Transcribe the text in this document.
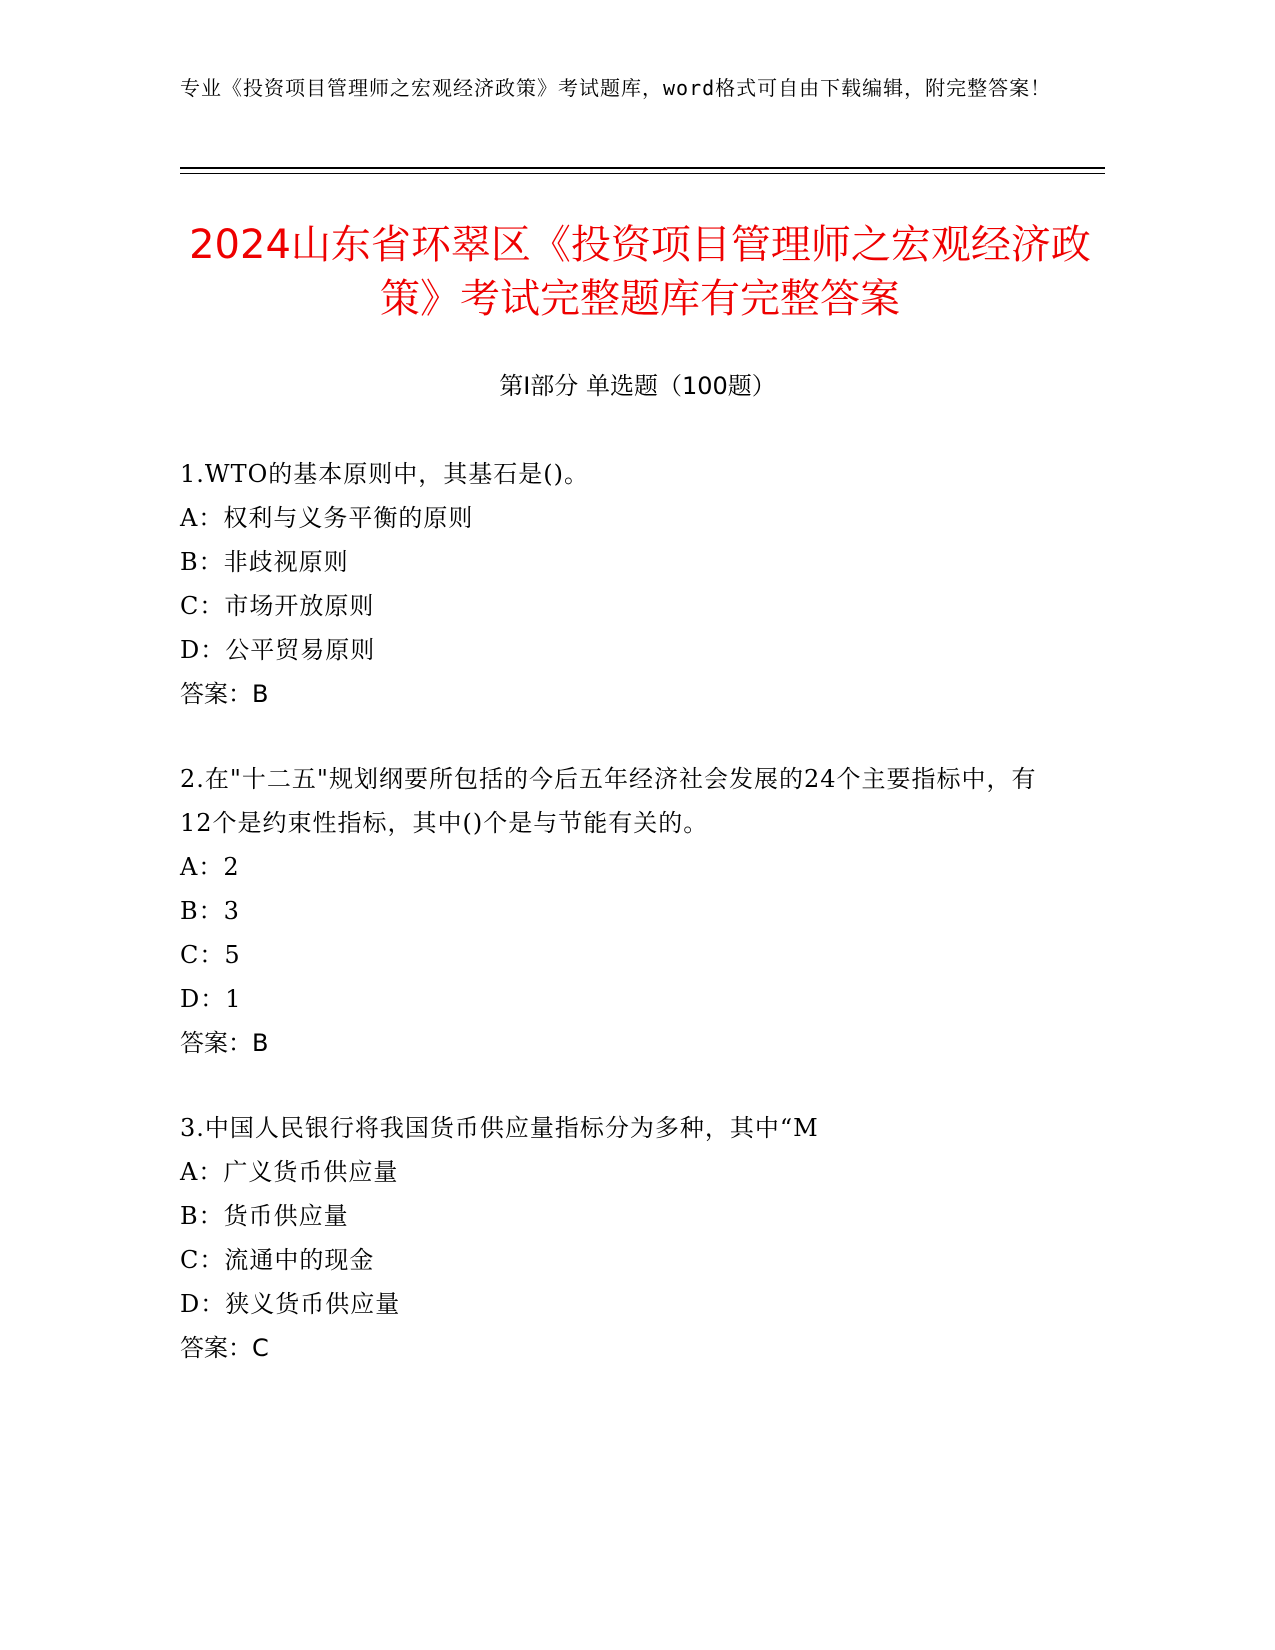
专业《投资项目管理师之宏观经济政策》考试题库，word格式可自由下载编辑，附完整答案！
2024山东省环翠区《投资项目管理师之宏观经济政策》考试完整题库有完整答案
第Ⅰ部分 单选题（100题）

1.WTO的基本原则中，其基石是()。

A：权利与义务平衡的原则

B：非歧视原则

C：市场开放原则

D：公平贸易原则

答案：B

2.在"十二五"规划纲要所包括的今后五年经济社会发展的24个主要指标中，有12个是约束性指标，其中()个是与节能有关的。

A：2

B：3

C：5

D：1

答案：B

3.中国人民银行将我国货币供应量指标分为多种，其中“M

A：广义货币供应量

B：货币供应量

C：流通中的现金

D：狭义货币供应量

答案：C
